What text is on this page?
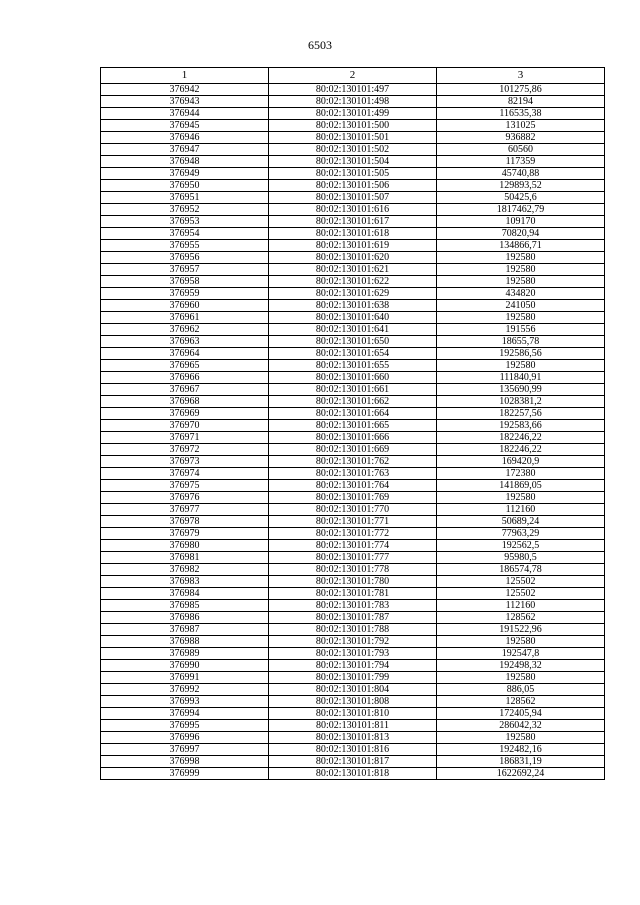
6503
1	2	3
376942	80:02:130101:497	101275,86
376943	80:02:130101:498	82194
376944	80:02:130101:499	116535,38
376945	80:02:130101:500	131025
376946	80:02:130101:501	936882
376947	80:02:130101:502	60560
376948	80:02:130101:504	117359
376949	80:02:130101:505	45740,88
376950	80:02:130101:506	129893,52
376951	80:02:130101:507	50425,6
376952	80:02:130101:616	1817462,79
376953	80:02:130101:617	109170
376954	80:02:130101:618	70820,94
376955	80:02:130101:619	134866,71
376956	80:02:130101:620	192580
376957	80:02:130101:621	192580
376958	80:02:130101:622	192580
376959	80:02:130101:629	434820
376960	80:02:130101:638	241050
376961	80:02:130101:640	192580
376962	80:02:130101:641	191556
376963	80:02:130101:650	18655,78
376964	80:02:130101:654	192586,56
376965	80:02:130101:655	192580
376966	80:02:130101:660	111840,91
376967	80:02:130101:661	135690,99
376968	80:02:130101:662	1028381,2
376969	80:02:130101:664	182257,56
376970	80:02:130101:665	192583,66
376971	80:02:130101:666	182246,22
376972	80:02:130101:669	182246,22
376973	80:02:130101:762	169420,9
376974	80:02:130101:763	172380
376975	80:02:130101:764	141869,05
376976	80:02:130101:769	192580
376977	80:02:130101:770	112160
376978	80:02:130101:771	50689,24
376979	80:02:130101:772	77963,29
376980	80:02:130101:774	192562,5
376981	80:02:130101:777	95980,5
376982	80:02:130101:778	186574,78
376983	80:02:130101:780	125502
376984	80:02:130101:781	125502
376985	80:02:130101:783	112160
376986	80:02:130101:787	128562
376987	80:02:130101:788	191522,96
376988	80:02:130101:792	192580
376989	80:02:130101:793	192547,8
376990	80:02:130101:794	192498,32
376991	80:02:130101:799	192580
376992	80:02:130101:804	886,05
376993	80:02:130101:808	128562
376994	80:02:130101:810	172405,94
376995	80:02:130101:811	286042,32
376996	80:02:130101:813	192580
376997	80:02:130101:816	192482,16
376998	80:02:130101:817	186831,19
376999	80:02:130101:818	1622692,24
